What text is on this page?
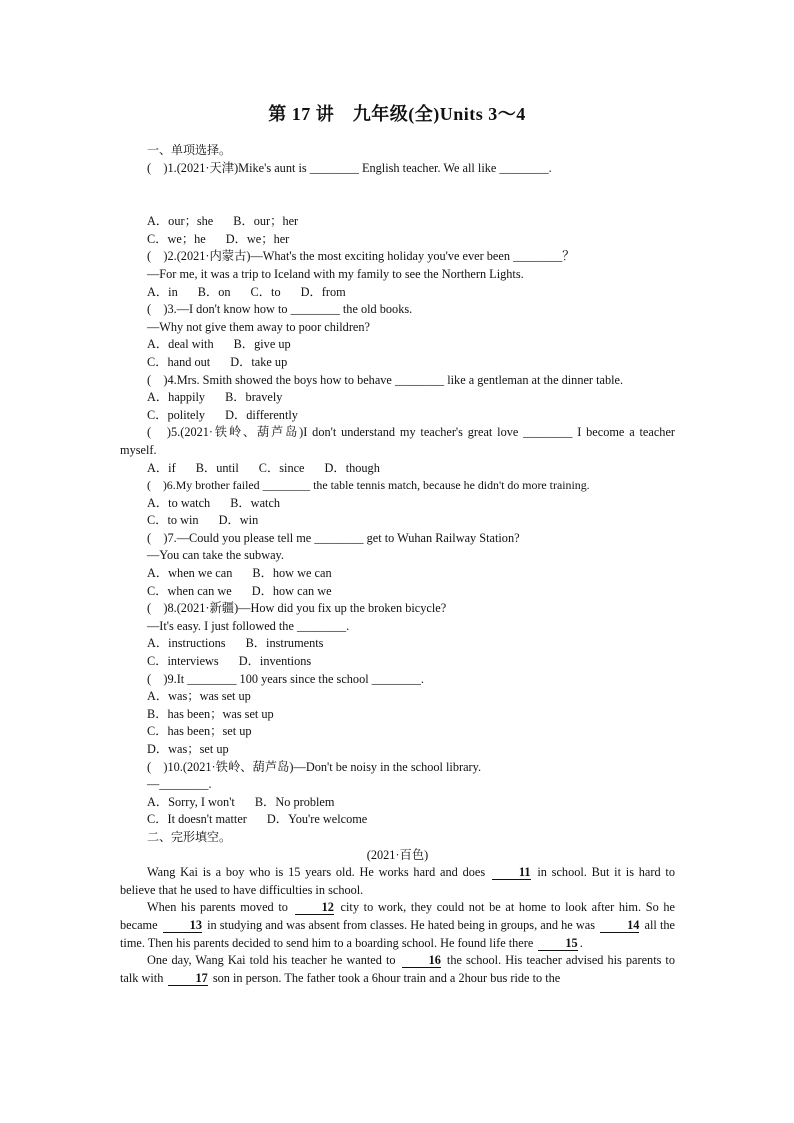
第 17 讲　九年级(全)Units 3～4
一、单项选择。
(　)1.(2021·天津)Mike's aunt is ________ English teacher. We all like ________.
A．our；she B．our；her
C．we；he D．we；her
(　)2.(2021·内蒙古)—What's the most exciting holiday you've ever been ________？
—For me, it was a trip to Iceland with my family to see the Northern Lights.
A．in B．on C．to D．from
(　)3.—I don't know how to ________ the old books.
—Why not give them away to poor children?
A．deal with B．give up
C．hand out D．take up
(　)4.Mrs. Smith showed the boys how to behave ________ like a gentleman at the dinner table.
A．happily B．bravely
C．politely D．differently
(　)5.(2021·铁岭、葫芦岛)I don't understand my teacher's great love ________ I become a teacher myself.
A．if B．until C．since D．though
(　)6.My brother failed ________ the table tennis match, because he didn't do more training.
A．to watch B．watch
C．to win D．win
(　)7.—Could you please tell me ________ get to Wuhan Railway Station?
—You can take the subway.
A．when we can B．how we can
C．when can we D．how can we
(　)8.(2021·新疆)—How did you fix up the broken bicycle?
—It's easy. I just followed the ________.
A．instructions B．instruments
C．interviews D．inventions
(　)9.It ________ 100 years since the school ________.
A．was；was set up
B．has been；was set up
C．has been；set up
D．was；set up
(　)10.(2021·铁岭、葫芦岛)—Don't be noisy in the school library.
—________.
A．Sorry, I won't B．No problem
C．It doesn't matter D．You're welcome
二、完形填空。
(2021·百色)
Wang Kai is a boy who is 15 years old. He works hard and does 11 in school. But it is hard to believe that he used to have difficulties in school.
When his parents moved to 12 city to work, they could not be at home to look after him. So he became 13 in studying and was absent from classes. He hated being in groups, and he was 14 all the time. Then his parents decided to send him to a boarding school. He found life there 15 .
One day, Wang Kai told his teacher he wanted to 16 the school. His teacher advised his parents to talk with 17 son in person. The father took a 6hour train and a 2hour bus ride to the
